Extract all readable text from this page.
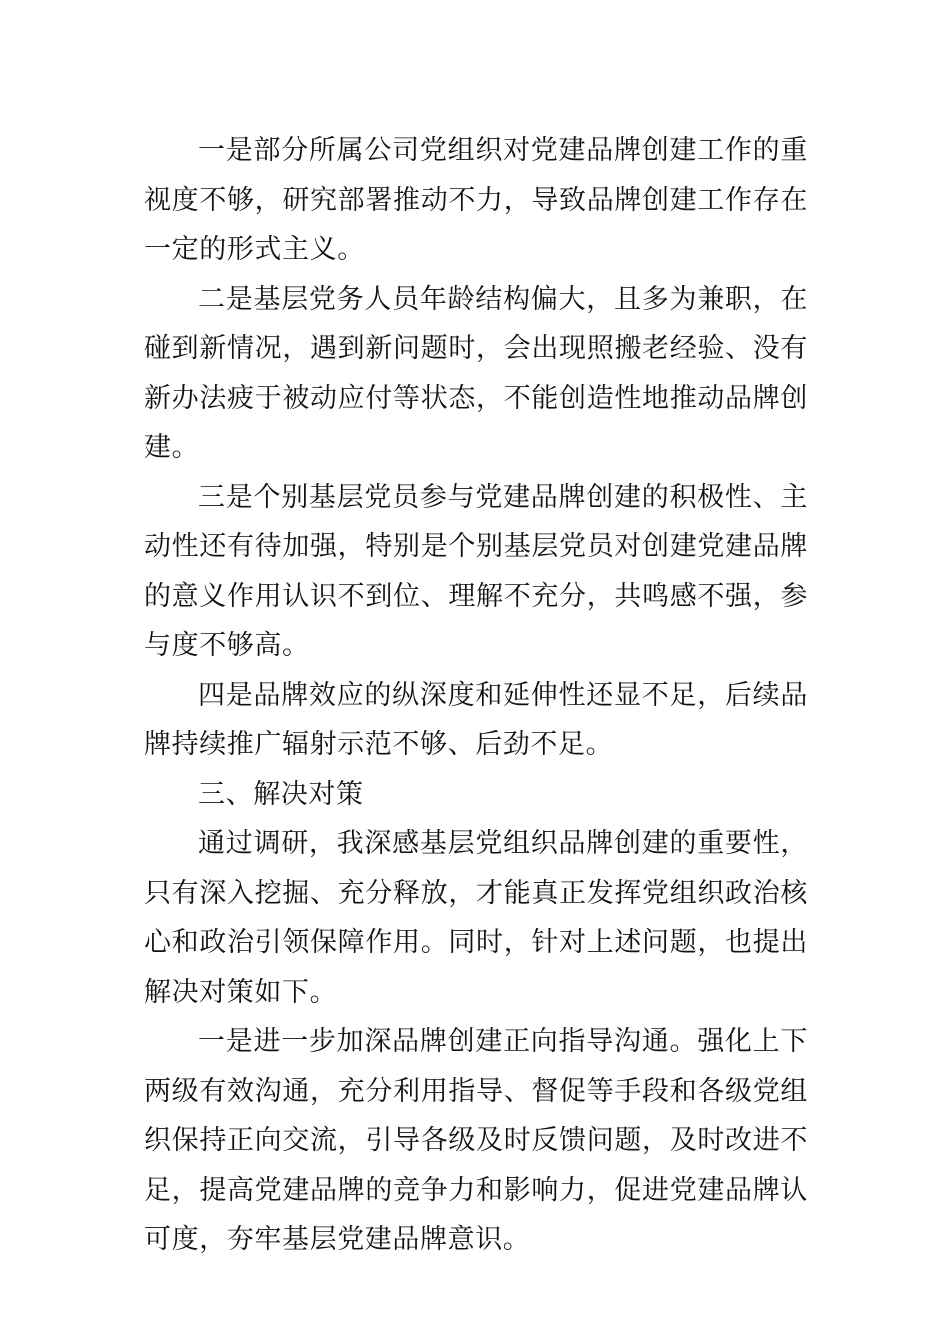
一是部分所属公司党组织对党建品牌创建工作的重视度不够，研究部署推动不力，导致品牌创建工作存在一定的形式主义。

二是基层党务人员年龄结构偏大，且多为兼职，在碰到新情况，遇到新问题时，会出现照搬老经验、没有新办法疲于被动应付等状态，不能创造性地推动品牌创建。

三是个别基层党员参与党建品牌创建的积极性、主动性还有待加强，特别是个别基层党员对创建党建品牌的意义作用认识不到位、理解不充分，共鸣感不强，参与度不够高。

四是品牌效应的纵深度和延伸性还显不足，后续品牌持续推广辐射示范不够、后劲不足。

三、解决对策

通过调研，我深感基层党组织品牌创建的重要性，只有深入挖掘、充分释放，才能真正发挥党组织政治核心和政治引领保障作用。同时，针对上述问题，也提出解决对策如下。

一是进一步加深品牌创建正向指导沟通。强化上下两级有效沟通，充分利用指导、督促等手段和各级党组织保持正向交流，引导各级及时反馈问题，及时改进不足，提高党建品牌的竞争力和影响力，促进党建品牌认可度，夯牢基层党建品牌意识。
